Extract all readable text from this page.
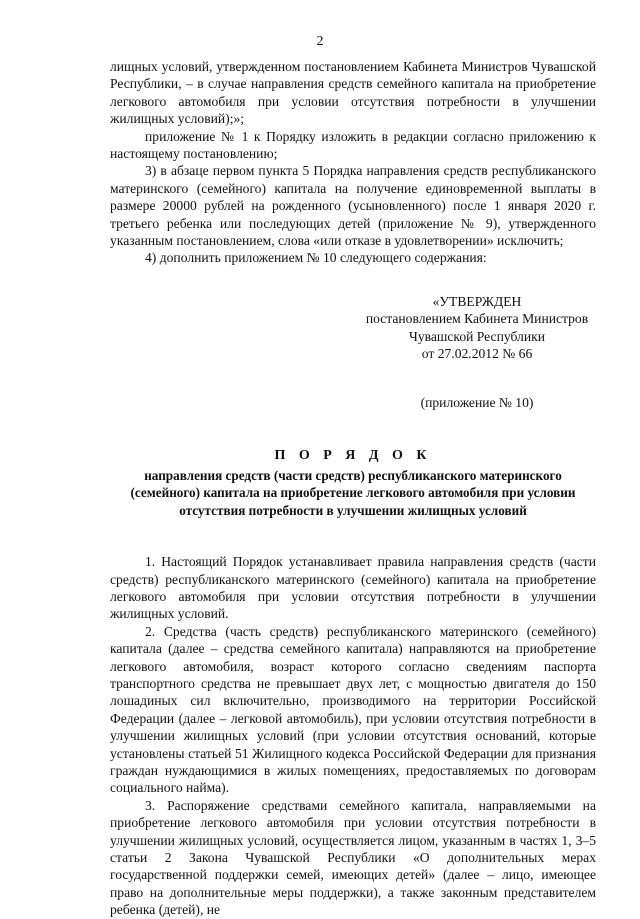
2

лищных условий, утвержденном постановлением Кабинета Министров Чувашской Республики, – в случае направления средств семейного капитала на приобретение легкового автомобиля при условии отсутствия потребности в улучшении жилищных условий);»;

приложение № 1 к Порядку изложить в редакции согласно приложению к настоящему постановлению;

3) в абзаце первом пункта 5 Порядка направления средств республиканского материнского (семейного) капитала на получение единовременной выплаты в размере 20000 рублей на рожденного (усыновленного) после 1 января 2020 г. третьего ребенка или последующих детей (приложение № 9), утвержденного указанным постановлением, слова «или отказе в удовлетворении» исключить;

4) дополнить приложением № 10 следующего содержания:

«УТВЕРЖДЕН
постановлением Кабинета Министров
Чувашской Республики
от 27.02.2012 № 66
(приложение № 10)
П О Р Я Д О К
направления средств (части средств) республиканского материнского (семейного) капитала на приобретение легкового автомобиля при условии отсутствия потребности в улучшении жилищных условий

1. Настоящий Порядок устанавливает правила направления средств (части средств) республиканского материнского (семейного) капитала на приобретение легкового автомобиля при условии отсутствия потребности в улучшении жилищных условий.

2. Средства (часть средств) республиканского материнского (семейного) капитала (далее – средства семейного капитала) направляются на приобретение легкового автомобиля, возраст которого согласно сведениям паспорта транспортного средства не превышает двух лет, с мощностью двигателя до 150 лошадиных сил включительно, производимого на территории Российской Федерации (далее – легковой автомобиль), при условии отсутствия потребности в улучшении жилищных условий (при условии отсутствия оснований, которые установлены статьей 51 Жилищного кодекса Российской Федерации для признания граждан нуждающимися в жилых помещениях, предоставляемых по договорам социального найма).

3. Распоряжение средствами семейного капитала, направляемыми на приобретение легкового автомобиля при условии отсутствия потребности в улучшении жилищных условий, осуществляется лицом, указанным в частях 1, 3–5 статьи 2 Закона Чувашской Республики «О дополнительных мерах государственной поддержки семей, имеющих детей» (далее – лицо, имеющее право на дополнительные меры поддержки), а также законным представителем ребенка (детей), не
